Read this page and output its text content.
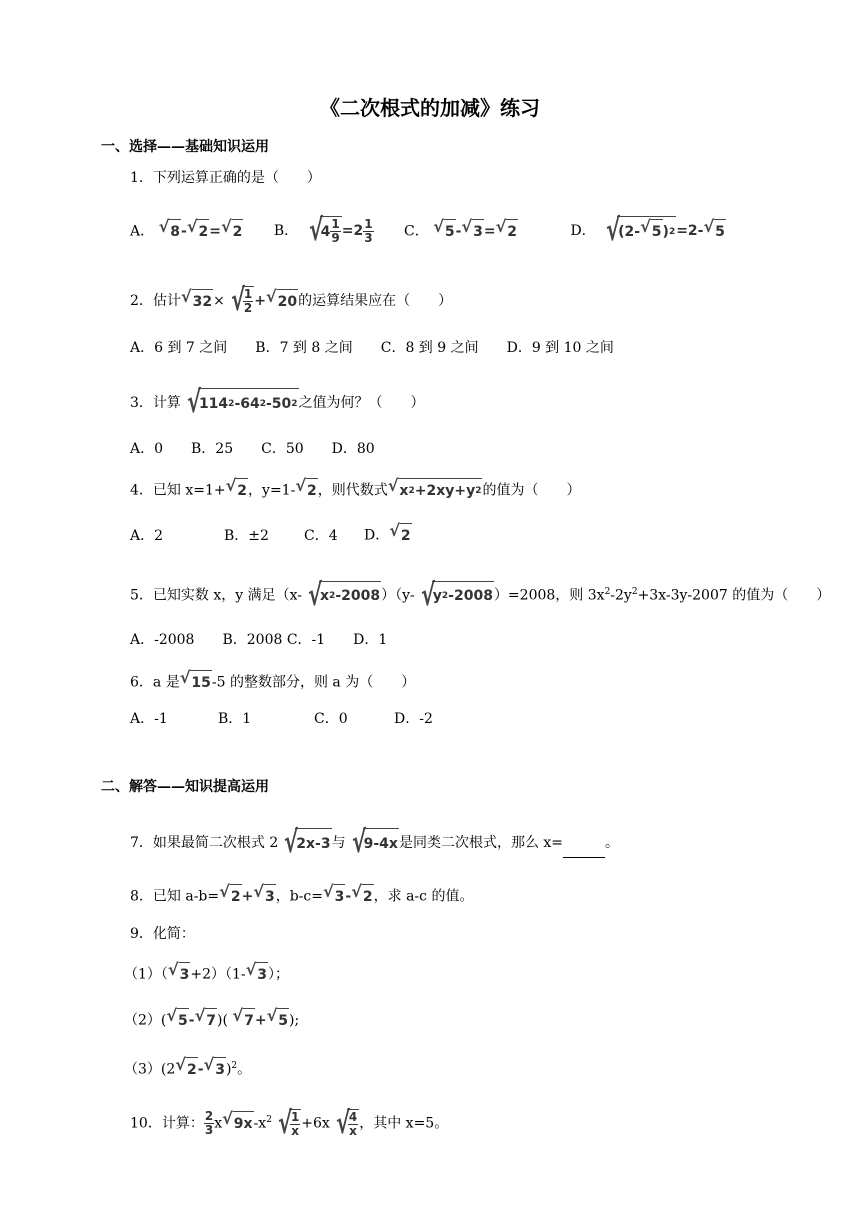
《二次根式的加减》练习
一、选择——基础知识运用
1．下列运算正确的是（　　）
A． √ 8 - √ 2 = √ 2 B． √
$4 \frac{1}{9} =2 \frac{1}{3}$ C． √ 5 - √ 3 = √ 2	D． √
(2- √ 5 ) 2 =2- √ 5
2．估计 √ 32 × √
$\frac{1}{2}$ + √ 20 的运算结果应在（　　）
A．6 到 7 之间　　B．7 到 8 之间　　C．8 到 9 之间　　D．9 到 10 之间
3．计算 √
114 2 -64 2 -50 2 之值为何？（　　）
A．0　　B．25　　C．50　　D．80
4．已知 x=1+ √ 2 ，y=1- √ 2 ，则代数式 √ x 2 +2xy+y 2 的值为（　　）
A．2	B．±2	C．4 D． √ 2
5．已知实数 x，y 满足（x- √
x 2 -2008 ）（y- √
y 2 -2008 ）=2008，则 $3x^2-2y^2+3x-3y-2007$ 的值为（　　）
A．-2008　　B．2008 C．-1　　D．1
6．a 是 √ 15 -5 的整数部分，则 a 为（　　）
A．-1	B．1	C．0	D．-2
二、解答——知识提高运用
7．如果最简二次根式 2 √
2x-3 与 √
9-4x 是同类二次根式，那么 x=	。
8．已知 a-b= √ 2 + √ 3 ，b-c= √ 3 - √ 2 ，求 a-c 的值。
9．化简：
（1）（ √ 3 +2）（1- √ 3 ）；
（2）( √ 5 - √ 7 )( √ 7 + √ 5 );
（3）(2 √ 2 - √ 3 )$^2$。
10．计算： $\frac{2}{3}$ x √ 9x $-x^2$ √
$\frac{1}{x} +6x$ √
$\frac{4}{x}$ ，其中 x=5。
